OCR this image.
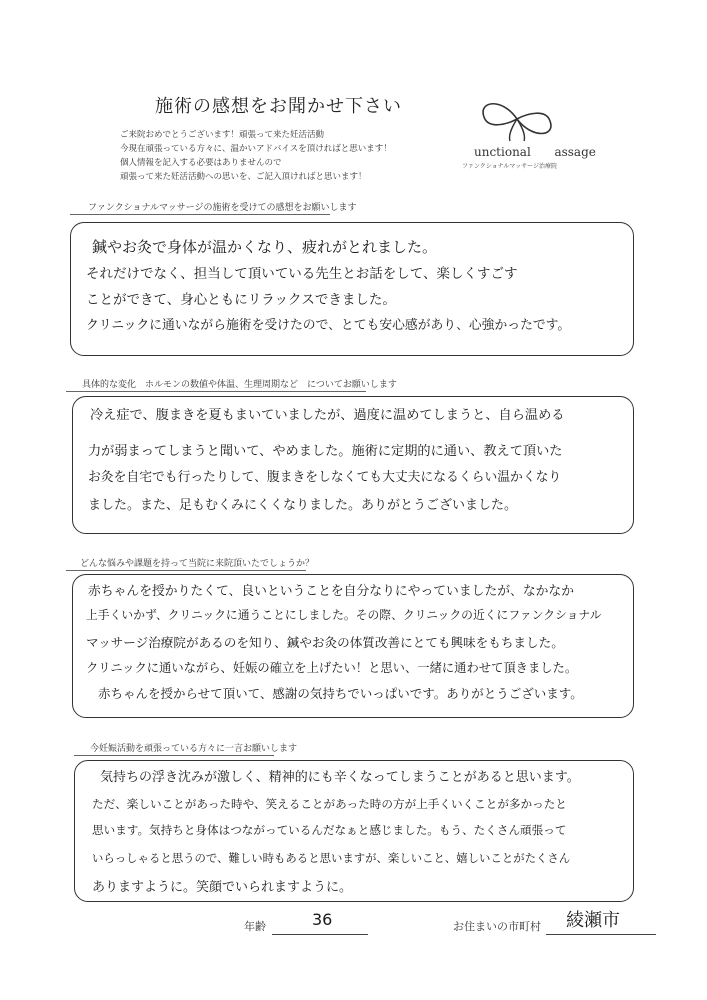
施術の感想をお聞かせ下さい
ご来院おめでとうございます！頑張って来た妊活活動
今現在頑張っている方々に、温かいアドバイスを頂ければと思います！
個人情報を記入する必要はありませんので
頑張って来た妊活活動への思いを、ご記入頂ければと思います！
unctional assage
ファンクショナルマッサージ治療院
ファンクショナルマッサージの施術を受けての感想をお願いします
鍼やお灸で身体が温かくなり、疲れがとれました。
それだけでなく、担当して頂いている先生とお話をして、楽しくすごす
ことができて、身心ともにリラックスできました。
クリニックに通いながら施術を受けたので、とても安心感があり、心強かったです。
具体的な変化　ホルモンの数値や体温、生理周期など　についてお願いします
冷え症で、腹まきを夏もまいていましたが、過度に温めてしまうと、自ら温める
力が弱まってしまうと聞いて、やめました。施術に定期的に通い、教えて頂いた
お灸を自宅でも行ったりして、腹まきをしなくても大丈夫になるくらい温かくなり
ました。また、足もむくみにくくなりました。ありがとうございました。
どんな悩みや課題を持って当院に来院頂いたでしょうか？
赤ちゃんを授かりたくて、良いということを自分なりにやっていましたが、なかなか
上手くいかず、クリニックに通うことにしました。その際、クリニックの近くにファンクショナル
マッサージ治療院があるのを知り、鍼やお灸の体質改善にとても興味をもちました。
クリニックに通いながら、妊娠の確立を上げたい！と思い、一緒に通わせて頂きました。
赤ちゃんを授からせて頂いて、感謝の気持ちでいっぱいです。ありがとうございます。
今妊娠活動を頑張っている方々に一言お願いします
気持ちの浮き沈みが激しく、精神的にも辛くなってしまうことがあると思います。
ただ、楽しいことがあった時や、笑えることがあった時の方が上手くいくことが多かったと
思います。気持ちと身体はつながっているんだなぁと感じました。もう、たくさん頑張って
いらっしゃると思うので、難しい時もあると思いますが、楽しいこと、嬉しいことがたくさん
ありますように。笑顔でいられますように。
年齢	36	お住まいの市町村 綾瀬市
